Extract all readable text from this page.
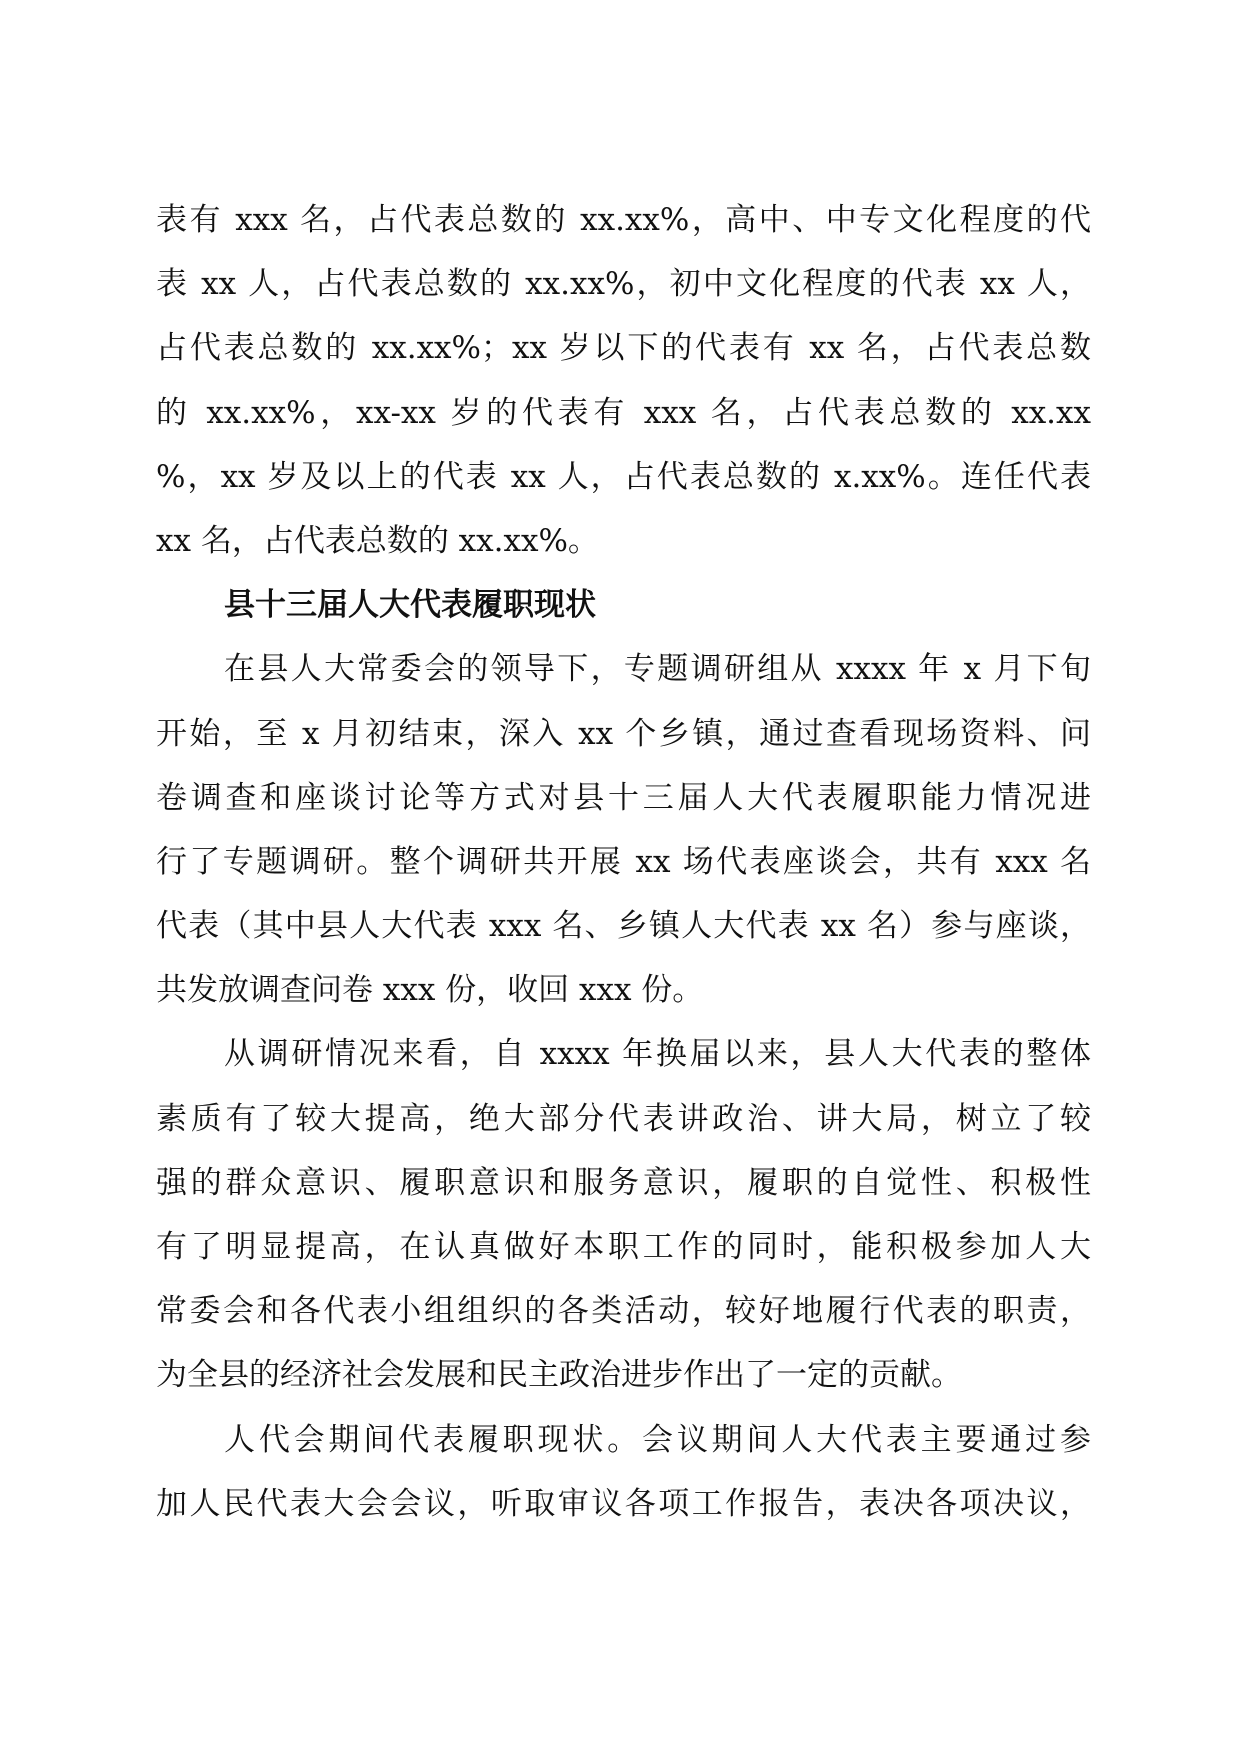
表有 xxx 名，占代表总数的 xx.xx%，高中、中专文化程度的代
表 xx 人，占代表总数的 xx.xx%，初中文化程度的代表 xx 人，
占代表总数的 xx.xx%；xx 岁以下的代表有 xx 名，占代表总数
的 xx.xx%，xx-xx 岁的代表有 xxx 名，占代表总数的 xx.xx
%，xx 岁及以上的代表 xx 人，占代表总数的 x.xx%。连任代表
xx 名，占代表总数的 xx.xx%。
县十三届人大代表履职现状
在县人大常委会的领导下，专题调研组从 xxxx 年 x 月下旬
开始，至 x 月初结束，深入 xx 个乡镇，通过查看现场资料、问
卷调查和座谈讨论等方式对县十三届人大代表履职能力情况进
行了专题调研。整个调研共开展 xx 场代表座谈会，共有 xxx 名
代表（其中县人大代表 xxx 名、乡镇人大代表 xx 名）参与座谈，
共发放调查问卷 xxx 份，收回 xxx 份。
从调研情况来看，自 xxxx 年换届以来，县人大代表的整体
素质有了较大提高，绝大部分代表讲政治、讲大局，树立了较
强的群众意识、履职意识和服务意识，履职的自觉性、积极性
有了明显提高，在认真做好本职工作的同时，能积极参加人大
常委会和各代表小组组织的各类活动，较好地履行代表的职责，
为全县的经济社会发展和民主政治进步作出了一定的贡献。
人代会期间代表履职现状。会议期间人大代表主要通过参
加人民代表大会会议，听取审议各项工作报告，表决各项决议，
